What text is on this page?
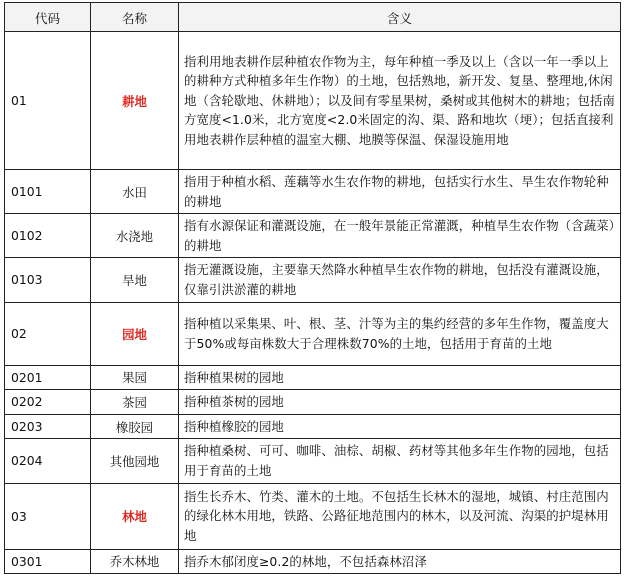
代码	名称	含义
01	耕地	指利用地表耕作层种植农作物为主，每年种植一季及以上（含以一年一季以上的耕种方式种植多年生作物）的土地，包括熟地，新开发、复垦、整理地,休闲地（含轮歇地、休耕地）；以及间有零星果树，桑树或其他树木的耕地；包括南方宽度<1.0米，北方宽度<2.0米固定的沟、渠、路和地坎（埂）；包括直接利用地表耕作层种植的温室大棚、地膜等保温、保湿设施用地
0101	水田	指用于种植水稻、莲藕等水生农作物的耕地，包括实行水生、旱生农作物轮种的耕地
0102	水浇地	指有水源保证和灌溉设施，在一般年景能正常灌溉，种植旱生农作物（含蔬菜）的耕地
0103	旱地	指无灌溉设施，主要靠天然降水种植旱生农作物的耕地，包括没有灌溉设施，仅靠引洪淤灌的耕地
02	园地	指种植以采集果、叶、根、茎、汁等为主的集约经营的多年生作物，覆盖度大于50%或每亩株数大于合理株数70%的土地，包括用于育苗的土地
0201	果园	指种植果树的园地
0202	茶园	指种植茶树的园地
0203	橡胶园	指种植橡胶的园地
0204	其他园地	指种植桑树、可可、咖啡、油棕、胡椒、药材等其他多年生作物的园地，包括用于育苗的土地
03	林地	指生长乔木、竹类、灌木的土地。不包括生长林木的湿地，城镇、村庄范围内的绿化林木用地，铁路、公路征地范围内的林木，以及河流、沟渠的护堤林用地
0301	乔木林地	指乔木郁闭度≥0.2的林地，不包括森林沼泽
